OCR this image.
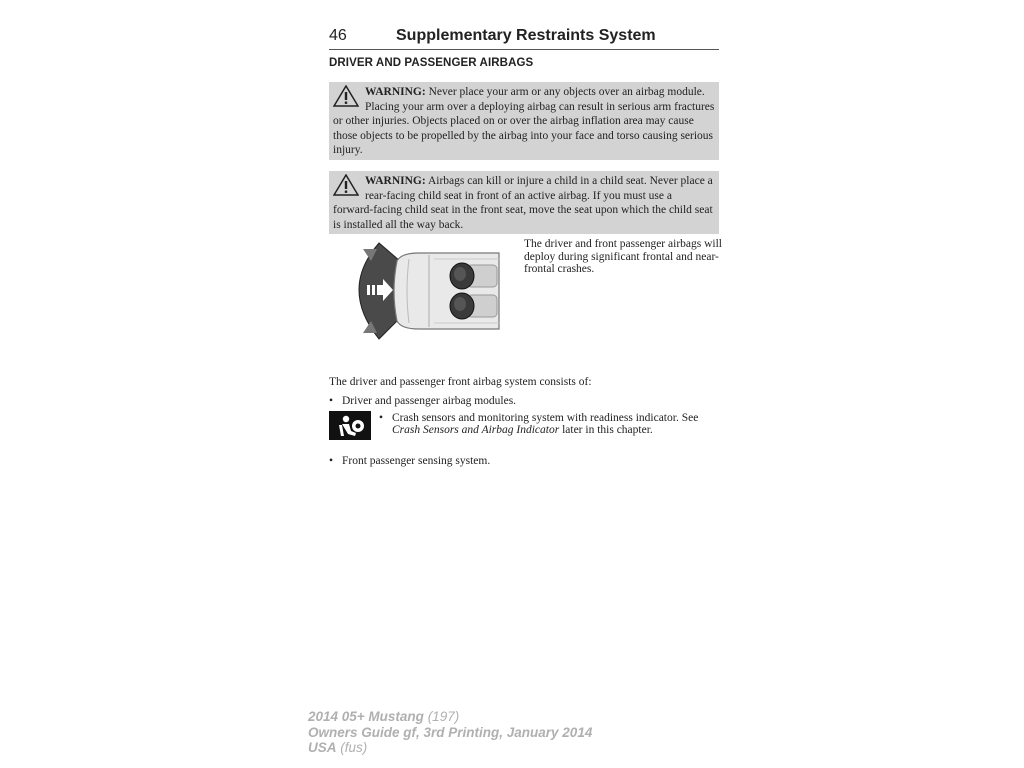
46	Supplementary Restraints System
DRIVER AND PASSENGER AIRBAGS

WARNING: Never place your arm or any objects over an airbag module. Placing your arm over a deploying airbag can result in serious arm fractures or other injuries. Objects placed on or over the airbag inflation area may cause those objects to be propelled by the airbag into your face and torso causing serious injury.

WARNING: Airbags can kill or injure a child in a child seat. Never place a rear-facing child seat in front of an active airbag. If you must use a forward-facing child seat in the front seat, move the seat upon which the child seat is installed all the way back.

The driver and front passenger airbags will deploy during significant frontal and near-frontal crashes.
The driver and passenger front airbag system consists of:
• Driver and passenger airbag modules.
• Crash sensors and monitoring system with readiness indicator. See Crash Sensors and Airbag Indicator later in this chapter.
• Front passenger sensing system.
2014 05+ Mustang (197)
Owners Guide gf, 3rd Printing, January 2014
USA (fus)
